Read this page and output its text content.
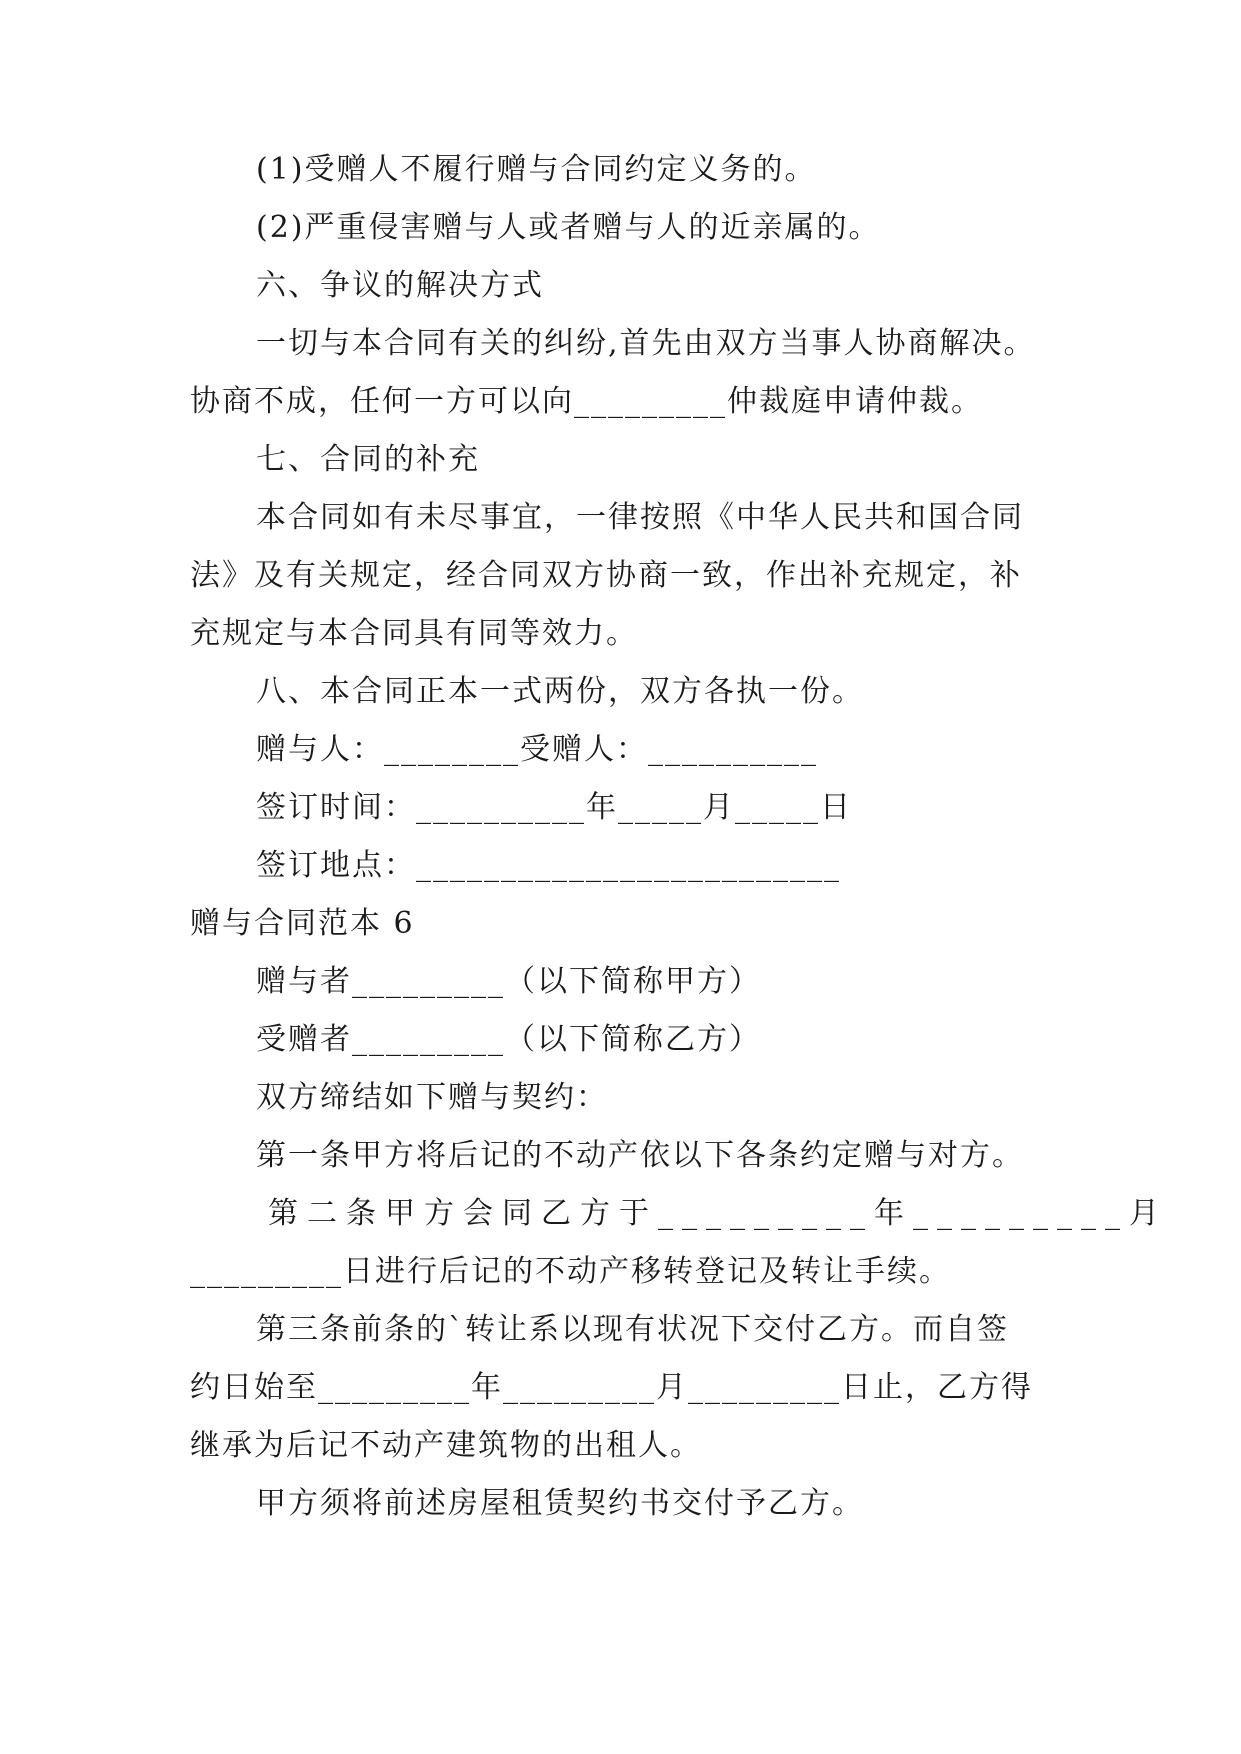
(1)受赠人不履行赠与合同约定义务的。
(2)严重侵害赠与人或者赠与人的近亲属的。
六、争议的解决方式
一切与本合同有关的纠纷,首先由双方当事人协商解决。
协商不成，任何一方可以向_________仲裁庭申请仲裁。
七、合同的补充
本合同如有未尽事宜，一律按照《中华人民共和国合同
法》及有关规定，经合同双方协商一致，作出补充规定，补
充规定与本合同具有同等效力。
八、本合同正本一式两份，双方各执一份。
赠与人：________受赠人：__________
签订时间：__________年_____月_____日
签订地点：_________________________
赠与合同范本 6
赠与者_________（以下简称甲方）
受赠者_________（以下简称乙方）
双方缔结如下赠与契约：
第一条甲方将后记的不动产依以下各条约定赠与对方。
第二条甲方会同乙方于_________年_________月
_________日进行后记的不动产移转登记及转让手续。
第三条前条的`转让系以现有状况下交付乙方。而自签
约日始至_________年_________月_________日止，乙方得
继承为后记不动产建筑物的出租人。
甲方须将前述房屋租赁契约书交付予乙方。
